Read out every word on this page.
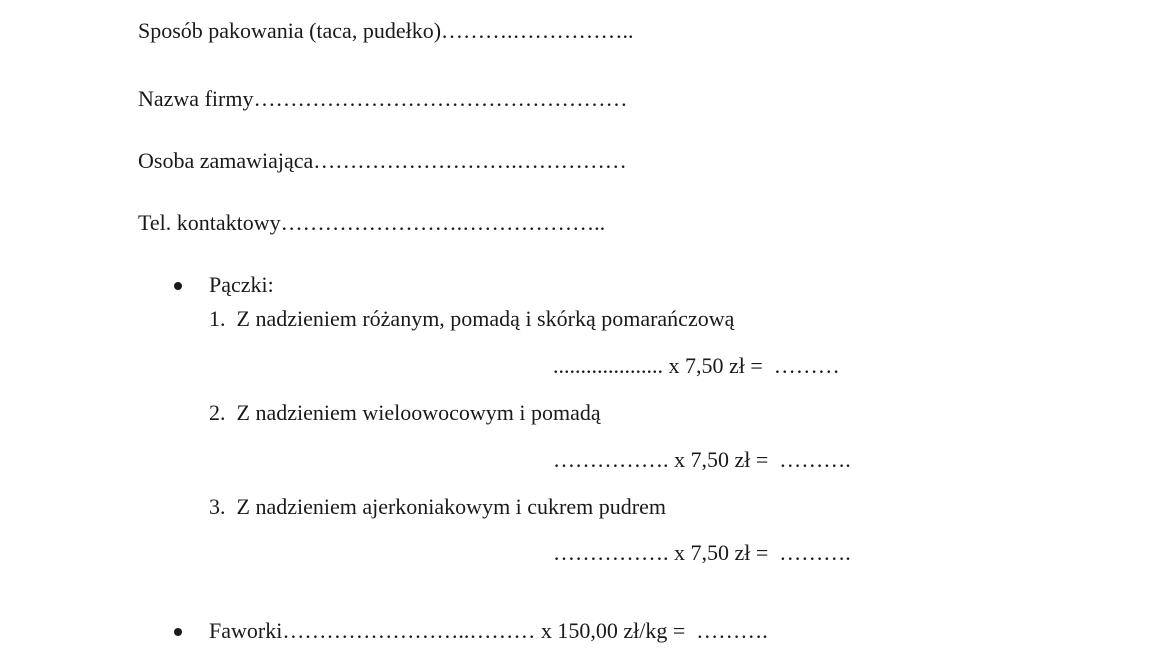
Sposób pakowania (taca, pudełko)……….……………..
Nazwa firmy……………………………………………
Osoba zamawiająca……………………….……………
Tel. kontaktowy…………………….………………..
Pączki:
1. Z nadzieniem różanym, pomadą i skórką pomarańczową
.................... x 7,50 zł = ………
2. Z nadzieniem wieloowocowym i pomadą
……………. x 7,50 zł = ……….
3. Z nadzieniem ajerkoniakowym i cukrem pudrem
……………. x 7,50 zł = ……….
Faworki……………………..……… x 150,00 zł/kg = ……….
